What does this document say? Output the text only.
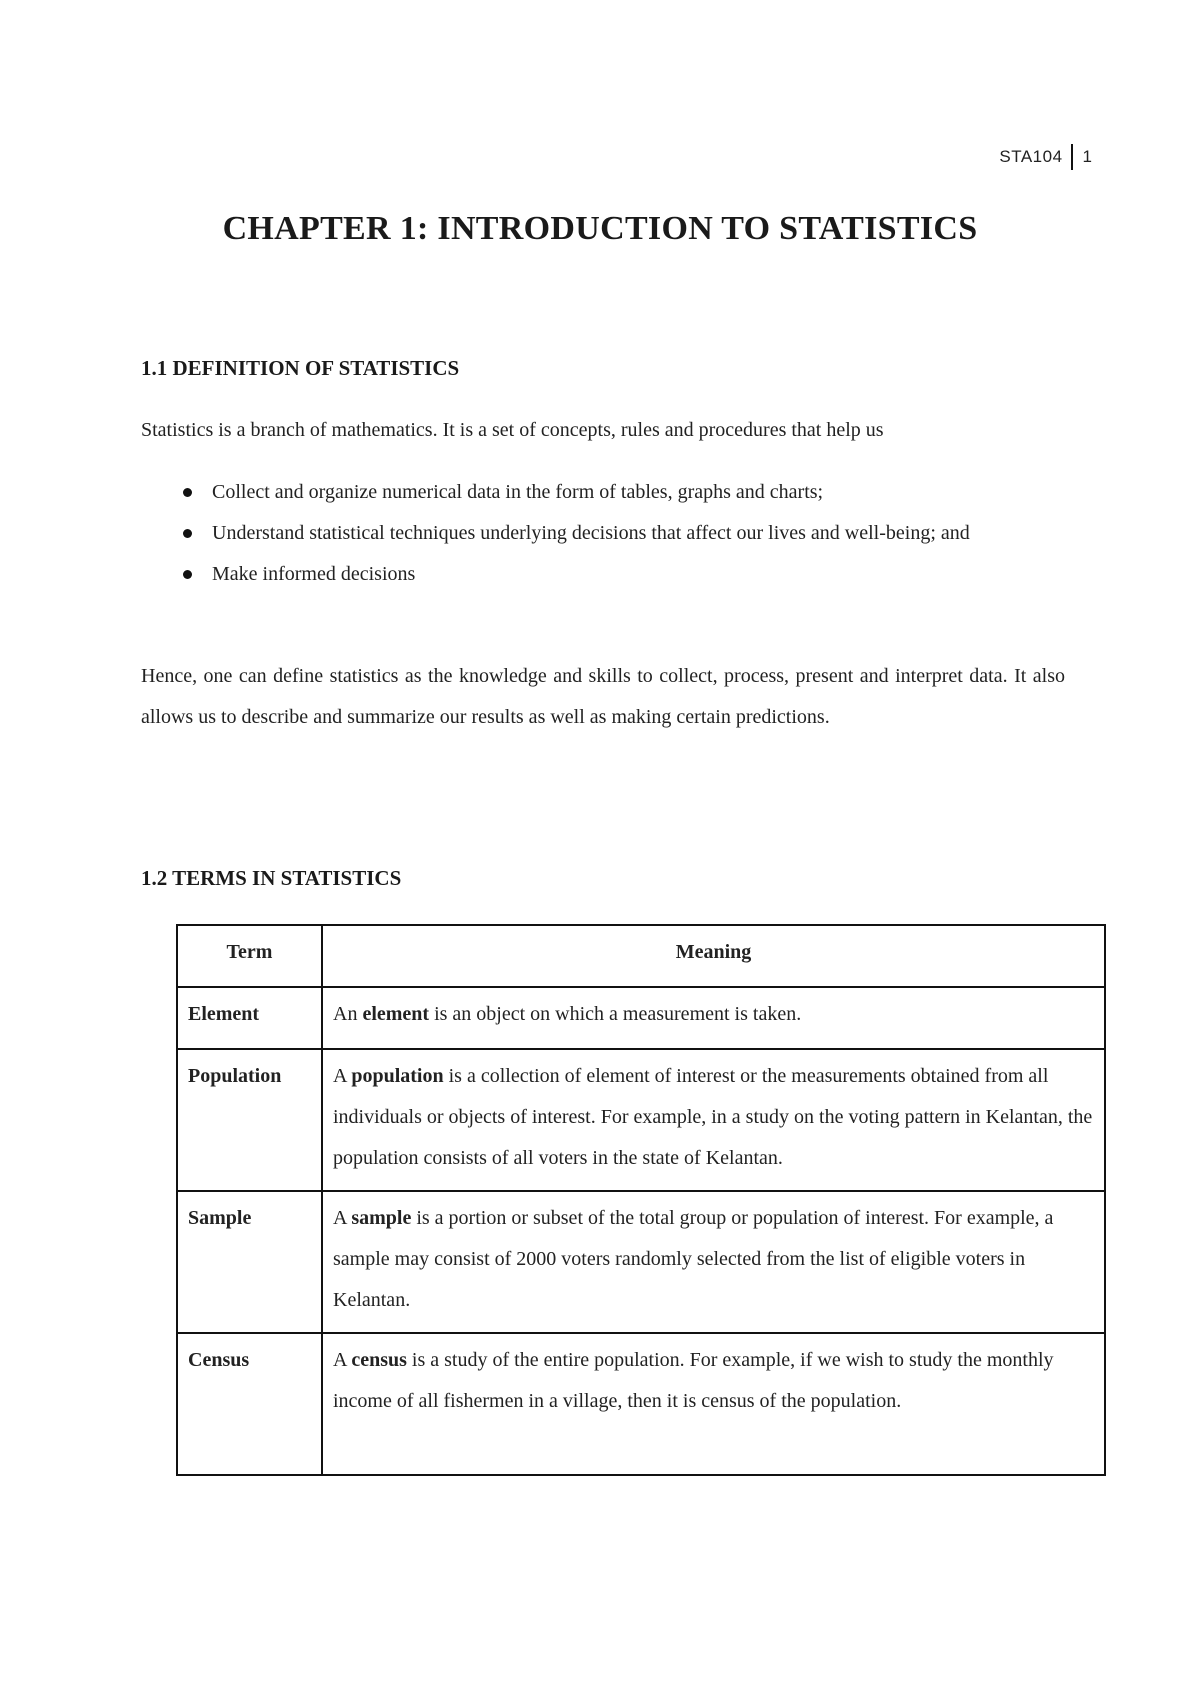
STA104 1
CHAPTER 1: INTRODUCTION TO STATISTICS
1.1 DEFINITION OF STATISTICS
Statistics is a branch of mathematics. It is a set of concepts, rules and procedures that help us
Collect and organize numerical data in the form of tables, graphs and charts;
Understand statistical techniques underlying decisions that affect our lives and well-being; and
Make informed decisions
Hence, one can define statistics as the knowledge and skills to collect, process, present and interpret data. It also allows us to describe and summarize our results as well as making certain predictions.
1.2 TERMS IN STATISTICS
Term	Meaning
Element	An element is an object on which a measurement is taken.
Population	A population is a collection of element of interest or the measurements obtained from all individuals or objects of interest. For example, in a study on the voting pattern in Kelantan, the population consists of all voters in the state of Kelantan.
Sample	A sample is a portion or subset of the total group or population of interest. For example, a sample may consist of 2000 voters randomly selected from the list of eligible voters in Kelantan.
Census	A census is a study of the entire population. For example, if we wish to study the monthly income of all fishermen in a village, then it is census of the population.
